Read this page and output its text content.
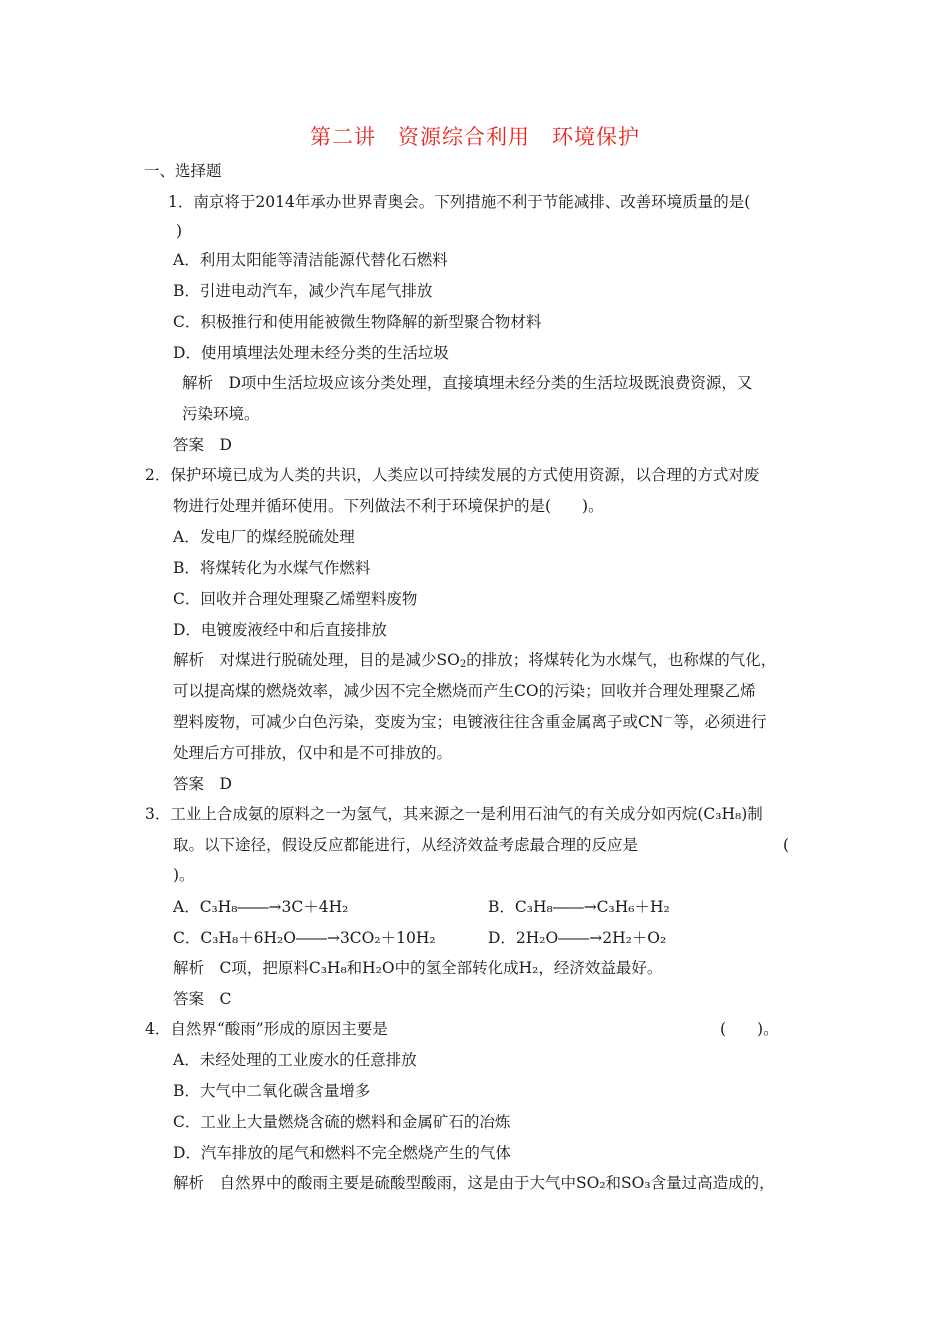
第二讲　资源综合利用　环境保护
一、选择题
1．南京将于2014年承办世界青奥会。下列措施不利于节能减排、改善环境质量的是(
)
A．利用太阳能等清洁能源代替化石燃料
B．引进电动汽车，减少汽车尾气排放
C．积极推行和使用能被微生物降解的新型聚合物材料
D．使用填埋法处理未经分类的生活垃圾
解析　D项中生活垃圾应该分类处理，直接填埋未经分类的生活垃圾既浪费资源，又
污染环境。
答案　D
2．保护环境已成为人类的共识，人类应以可持续发展的方式使用资源，以合理的方式对废
物进行处理并循环使用。下列做法不利于环境保护的是(　　)。
A．发电厂的煤经脱硫处理
B．将煤转化为水煤气作燃料
C．回收并合理处理聚乙烯塑料废物
D．电镀废液经中和后直接排放
解析　对煤进行脱硫处理，目的是减少$SO_2$的排放；将煤转化为水煤气，也称煤的气化，
可以提高煤的燃烧效率，减少因不完全燃烧而产生CO的污染；回收并合理处理聚乙烯
塑料废物，可减少白色污染，变废为宝；电镀液往往含重金属离子或CN－等，必须进行
处理后方可排放，仅中和是不可排放的。
答案　D
3．工业上合成氨的原料之一为氢气，其来源之一是利用石油气的有关成分如丙烷(C₃H₈)制
取。以下途径，假设反应都能进行，从经济效益考虑最合理的反应是	(
)。
A．C₃H₈――→3C＋4H₂	B．C₃H₈――→C₃H₆＋H₂
C．C₃H₈＋6H₂O――→3CO₂＋10H₂	D．2H₂O――→2H₂＋O₂
解析　C项，把原料C₃H₈和H₂O中的氢全部转化成H₂，经济效益最好。
答案　C
4．自然界“酸雨”形成的原因主要是	(　　)。
A．未经处理的工业废水的任意排放
B．大气中二氧化碳含量增多
C．工业上大量燃烧含硫的燃料和金属矿石的冶炼
D．汽车排放的尾气和燃料不完全燃烧产生的气体
解析　自然界中的酸雨主要是硫酸型酸雨，这是由于大气中SO₂和SO₃含量过高造成的，
